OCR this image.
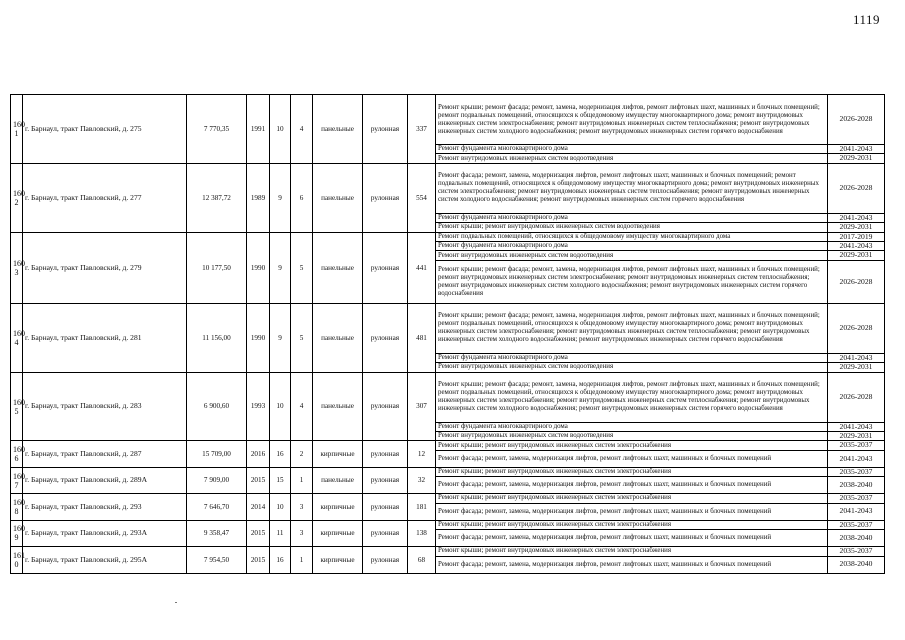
1119
160
1	г. Барнаул, тракт Павловский, д. 275	7 770,35	1991	10	4	панельные	рулонная	337	Ремонт крыши; ремонт фасада; ремонт, замена, модернизация лифтов, ремонт лифтовых шахт, машинных и блочных помещений; ремонт подвальных помещений, относящихся к общедомовому имуществу многоквартирного дома; ремонт внутридомовых инженерных систем электроснабжения; ремонт внутридомовых инженерных систем теплоснабжения; ремонт внутридомовых инженерных систем холодного водоснабжения; ремонт внутридомовых инженерных систем горячего водоснабжения	2026-2028
									Ремонт фундамента многоквартирного дома	2041-2043
									Ремонт внутридомовых инженерных систем водоотведения	2029-2031

160
2	г. Барнаул, тракт Павловский, д. 277	12 387,72	1989	9	6	панельные	рулонная	554	Ремонт фасада; ремонт, замена, модернизация лифтов, ремонт лифтовых шахт, машинных и блочных помещений; ремонт подвальных помещений, относящихся к общедомовому имуществу многоквартирного дома; ремонт внутридомовых инженерных систем электроснабжения; ремонт внутридомовых инженерных систем теплоснабжения; ремонт внутридомовых инженерных систем холодного водоснабжения; ремонт внутридомовых инженерных систем горячего водоснабжения	2026-2028
									Ремонт фундамента многоквартирного дома	2041-2043
									Ремонт крыши; ремонт внутридомовых инженерных систем водоотведения	2029-2031

160
3	г. Барнаул, тракт Павловский, д. 279	10 177,50	1990	9	5	панельные	рулонная	441	Ремонт подвальных помещений, относящихся к общедомовому имуществу многоквартирного дома	2017-2019
									Ремонт фундамента многоквартирного дома	2041-2043
									Ремонт внутридомовых инженерных систем водоотведения	2029-2031
									Ремонт крыши; ремонт фасада; ремонт, замена, модернизация лифтов, ремонт лифтовых шахт, машинных и блочных помещений; ремонт внутридомовых инженерных систем электроснабжения; ремонт внутридомовых инженерных систем теплоснабжения; ремонт внутридомовых инженерных систем холодного водоснабжения; ремонт внутридомовых инженерных систем горячего водоснабжения	2026-2028

160
4	г. Барнаул, тракт Павловский, д. 281	11 156,00	1990	9	5	панельные	рулонная	481	Ремонт крыши; ремонт фасада; ремонт, замена, модернизация лифтов, ремонт лифтовых шахт, машинных и блочных помещений; ремонт подвальных помещений, относящихся к общедомовому имуществу многоквартирного дома; ремонт внутридомовых инженерных систем электроснабжения; ремонт внутридомовых инженерных систем теплоснабжения; ремонт внутридомовых инженерных систем холодного водоснабжения; ремонт внутридомовых инженерных систем горячего водоснабжения	2026-2028
									Ремонт фундамента многоквартирного дома	2041-2043
									Ремонт внутридомовых инженерных систем водоотведения	2029-2031

160
5	г. Барнаул, тракт Павловский, д. 283	6 900,60	1993	10	4	панельные	рулонная	307	Ремонт крыши; ремонт фасада; ремонт, замена, модернизация лифтов, ремонт лифтовых шахт, машинных и блочных помещений; ремонт подвальных помещений, относящихся к общедомовому имуществу многоквартирного дома; ремонт внутридомовых инженерных систем электроснабжения; ремонт внутридомовых инженерных систем теплоснабжения; ремонт внутридомовых инженерных систем холодного водоснабжения; ремонт внутридомовых инженерных систем горячего водоснабжения	2026-2028
									Ремонт фундамента многоквартирного дома	2041-2043
									Ремонт внутридомовых инженерных систем водоотведения	2029-2031

160
6	г. Барнаул, тракт Павловский, д. 287	15 709,00	2016	16	2	кирпичные	рулонная	12	Ремонт крыши; ремонт внутридомовых инженерных систем электроснабжения	2035-2037
									Ремонт фасада; ремонт, замена, модернизация лифтов, ремонт лифтовых шахт, машинных и блочных помещений	2041-2043

160
7	г. Барнаул, тракт Павловский, д. 289А	7 909,00	2015	15	1	панельные	рулонная	32	Ремонт крыши; ремонт внутридомовых инженерных систем электроснабжения	2035-2037
									Ремонт фасада; ремонт, замена, модернизация лифтов, ремонт лифтовых шахт, машинных и блочных помещений	2038-2040

160
8	г. Барнаул, тракт Павловский, д. 293	7 646,70	2014	10	3	кирпичные	рулонная	181	Ремонт крыши; ремонт внутридомовых инженерных систем электроснабжения	2035-2037
									Ремонт фасада; ремонт, замена, модернизация лифтов, ремонт лифтовых шахт, машинных и блочных помещений	2041-2043

160
9	г. Барнаул, тракт Павловский, д. 293А	9 358,47	2015	11	3	кирпичные	рулонная	138	Ремонт крыши; ремонт внутридомовых инженерных систем электроснабжения	2035-2037
									Ремонт фасада; ремонт, замена, модернизация лифтов, ремонт лифтовых шахт, машинных и блочных помещений	2038-2040

161
0	г. Барнаул, тракт Павловский, д. 295А	7 954,50	2015	16	1	кирпичные	рулонная	68	Ремонт крыши; ремонт внутридомовых инженерных систем электроснабжения	2035-2037
									Ремонт фасада; ремонт, замена, модернизация лифтов, ремонт лифтовых шахт, машинных и блочных помещений	2038-2040
